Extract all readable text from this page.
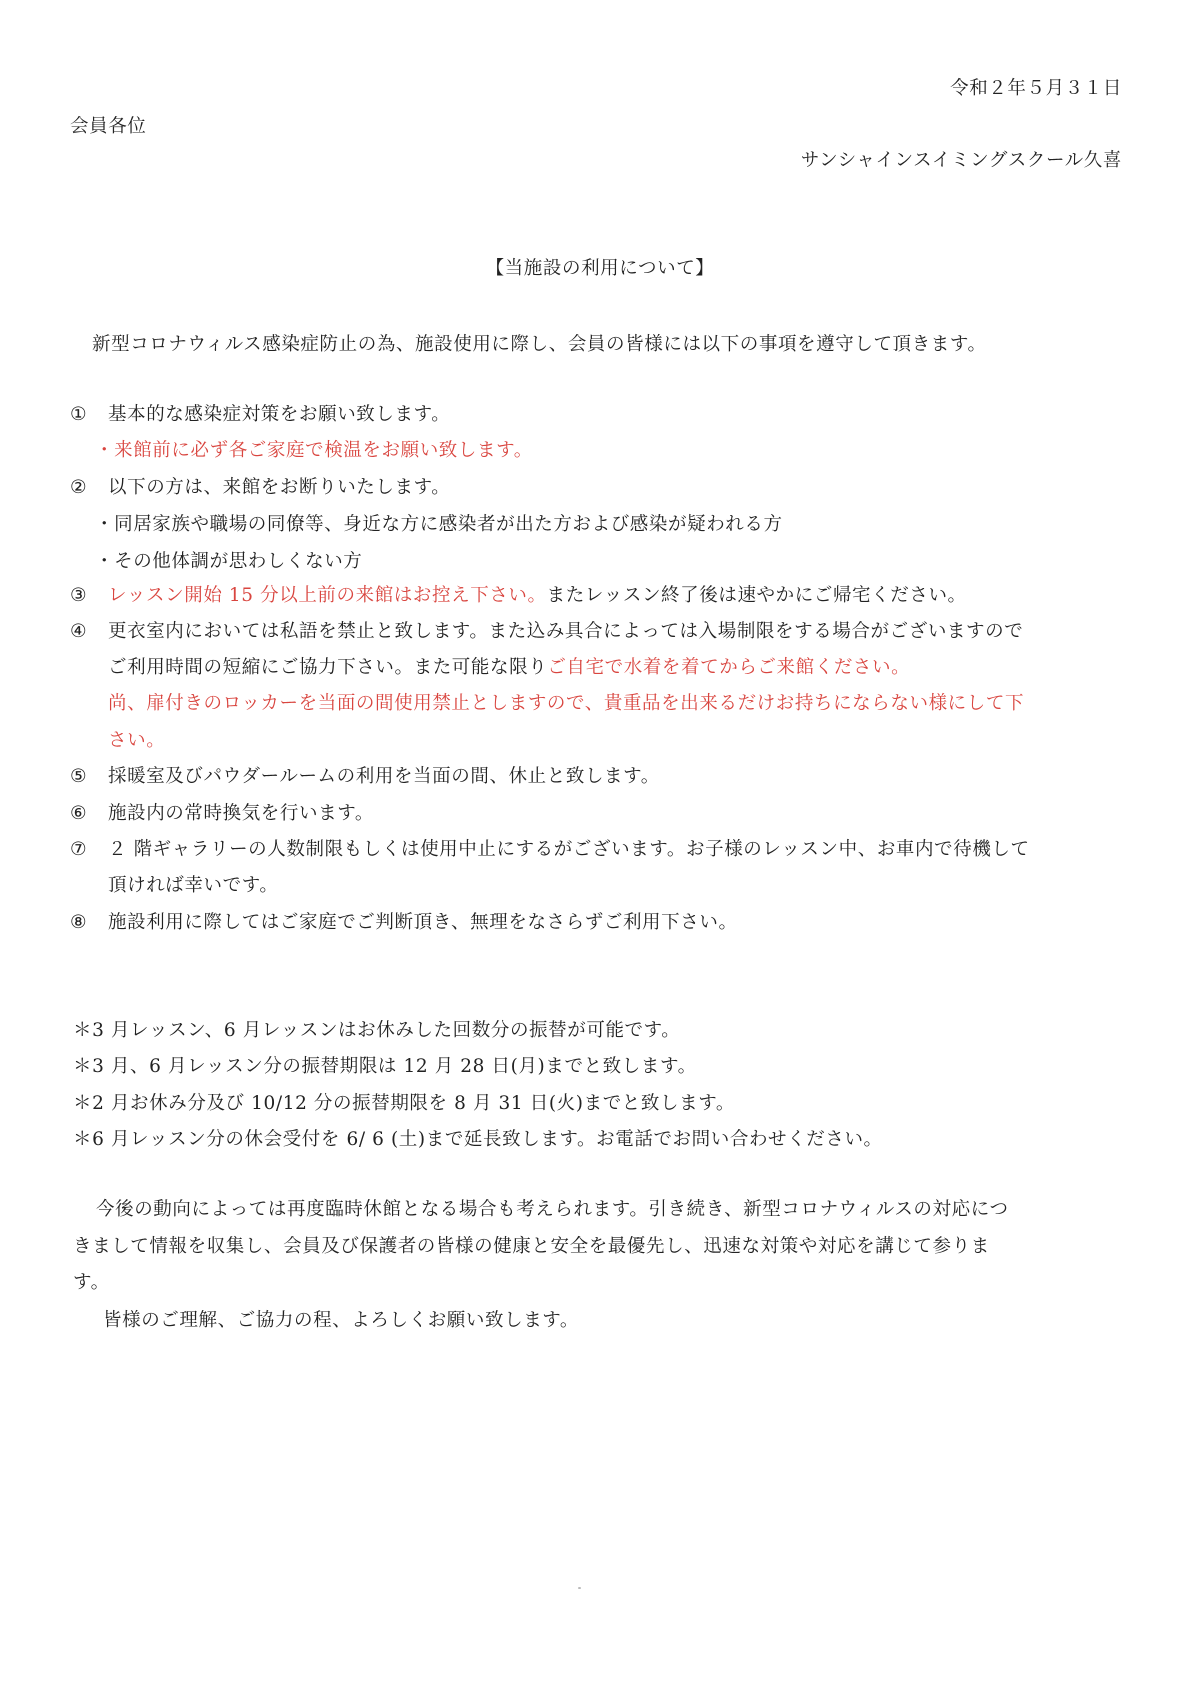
令和２年５月３１日
会員各位
サンシャインスイミングスクール久喜
【当施設の利用について】
新型コロナウィルス感染症防止の為、施設使用に際し、会員の皆様には以下の事項を遵守して頂きます。
① 基本的な感染症対策をお願い致します。
・来館前に必ず各ご家庭で検温をお願い致します。
② 以下の方は、来館をお断りいたします。
・同居家族や職場の同僚等、身近な方に感染者が出た方および感染が疑われる方
・その他体調が思わしくない方
③ レッスン開始 15 分以上前の来館はお控え下さい。またレッスン終了後は速やかにご帰宅ください。
④ 更衣室内においては私語を禁止と致します。また込み具合によっては入場制限をする場合がございますので
ご利用時間の短縮にご協力下さい。また可能な限りご自宅で水着を着てからご来館ください。
尚、扉付きのロッカーを当面の間使用禁止としますので、貴重品を出来るだけお持ちにならない様にして下
さい。
⑤ 採暖室及びパウダールームの利用を当面の間、休止と致します。
⑥ 施設内の常時換気を行います。
⑦ ２ 階ギャラリーの人数制限もしくは使用中止にするがございます。お子様のレッスン中、お車内で待機して
頂ければ幸いです。
⑧ 施設利用に際してはご家庭でご判断頂き、無理をなさらずご利用下さい。
＊3 月レッスン、6 月レッスンはお休みした回数分の振替が可能です。
＊3 月、6 月レッスン分の振替期限は 12 月 28 日(月)までと致します。
＊2 月お休み分及び 10/12 分の振替期限を 8 月 31 日(火)までと致します。
＊6 月レッスン分の休会受付を 6/ 6 (土)まで延長致します。お電話でお問い合わせください。
今後の動向によっては再度臨時休館となる場合も考えられます。引き続き、新型コロナウィルスの対応につ
きまして情報を収集し、会員及び保護者の皆様の健康と安全を最優先し、迅速な対策や対応を講じて参りま
す。
皆様のご理解、ご協力の程、よろしくお願い致します。
